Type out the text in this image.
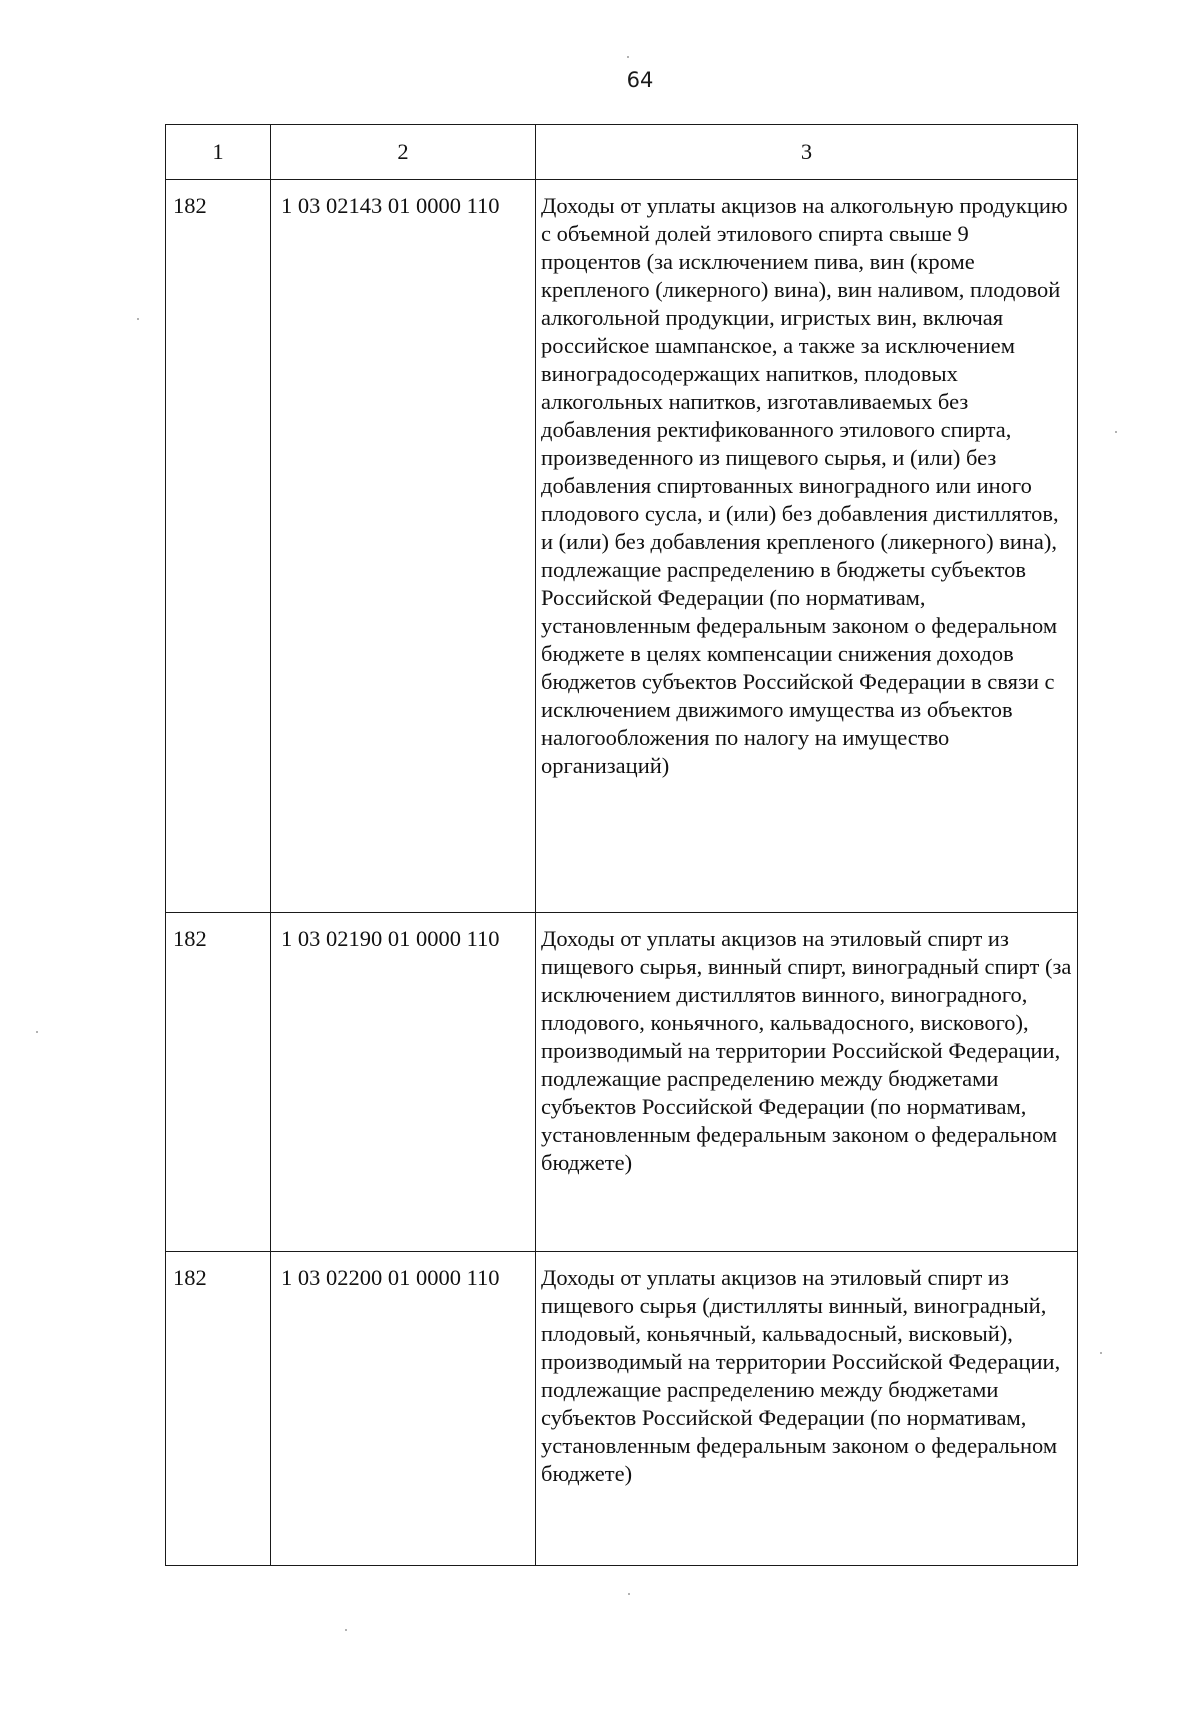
64
1	2	3
182	1 03 02143 01 0000 110	Доходы от уплаты акцизов на алкогольную продукцию с объемной долей этилового спирта свыше 9 процентов (за исключением пива, вин (кроме крепленого (ликерного) вина), вин наливом, плодовой алкогольной продукции, игристых вин, включая российское шампанское, а также за исключением виноградосодержащих напитков, плодовых алкогольных напитков, изготавливаемых без добавления ректификованного этилового спирта, произведенного из пищевого сырья, и (или) без добавления спиртованных виноградного или иного плодового сусла, и (или) без добавления дистиллятов, и (или) без добавления крепленого (ликерного) вина), подлежащие распределению в бюджеты субъектов Российской Федерации (по нормативам, установленным федеральным законом о федеральном бюджете в целях компенсации снижения доходов бюджетов субъектов Российской Федерации в связи с исключением движимого имущества из объектов налогообложения по налогу на имущество организаций)
182	1 03 02190 01 0000 110	Доходы от уплаты акцизов на этиловый спирт из пищевого сырья, винный спирт, виноградный спирт (за исключением дистиллятов винного, виноградного, плодового, коньячного, кальвадосного, вискового), производимый на территории Российской Федерации, подлежащие распределению между бюджетами субъектов Российской Федерации (по нормативам, установленным федеральным законом о федеральном бюджете)
182	1 03 02200 01 0000 110	Доходы от уплаты акцизов на этиловый спирт из пищевого сырья (дистилляты винный, виноградный, плодовый, коньячный, кальвадосный, висковый), производимый на территории Российской Федерации, подлежащие распределению между бюджетами субъектов Российской Федерации (по нормативам, установленным федеральным законом о федеральном бюджете)
